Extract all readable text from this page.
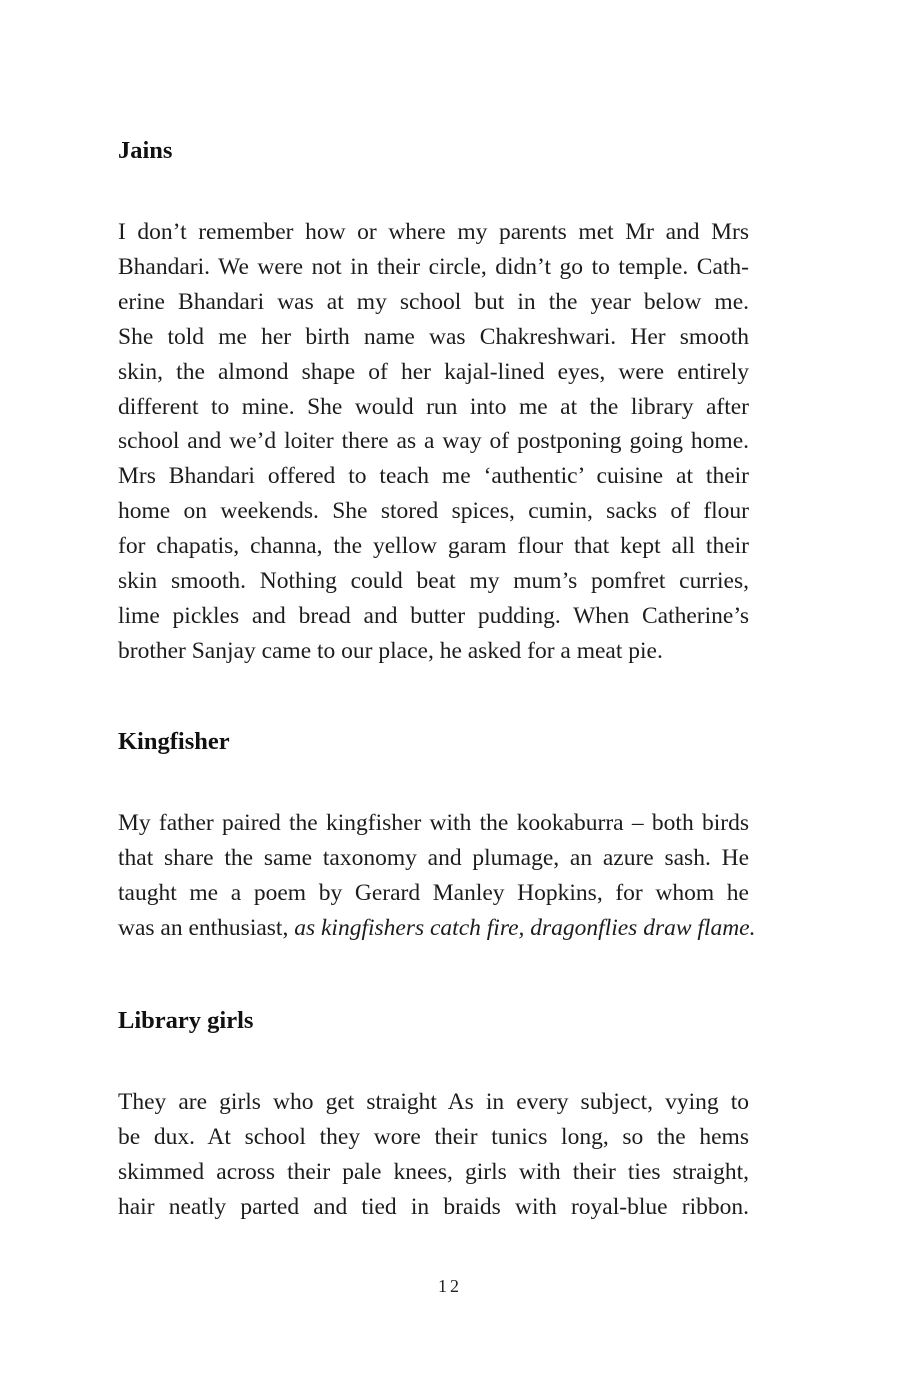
Jains
I don’t remember how or where my parents met Mr and Mrs
Bhandari. We were not in their circle, didn’t go to temple. Cath-
erine Bhandari was at my school but in the year below me.
She told me her birth name was Chakreshwari. Her smooth
skin, the almond shape of her kajal-lined eyes, were entirely
different to mine. She would run into me at the library after
school and we’d loiter there as a way of postponing going home.
Mrs Bhandari offered to teach me ‘authentic’ cuisine at their
home on weekends. She stored spices, cumin, sacks of flour
for chapatis, channa, the yellow garam flour that kept all their
skin smooth. Nothing could beat my mum’s pomfret curries,
lime pickles and bread and butter pudding. When Catherine’s
brother Sanjay came to our place, he asked for a meat pie.
Kingfisher
My father paired the kingfisher with the kookaburra – both birds
that share the same taxonomy and plumage, an azure sash. He
taught me a poem by Gerard Manley Hopkins, for whom he
was an enthusiast, as kingfishers catch fire, dragonflies draw flame.
Library girls
They are girls who get straight As in every subject, vying to
be dux. At school they wore their tunics long, so the hems
skimmed across their pale knees, girls with their ties straight,
hair neatly parted and tied in braids with royal-blue ribbon.
12
